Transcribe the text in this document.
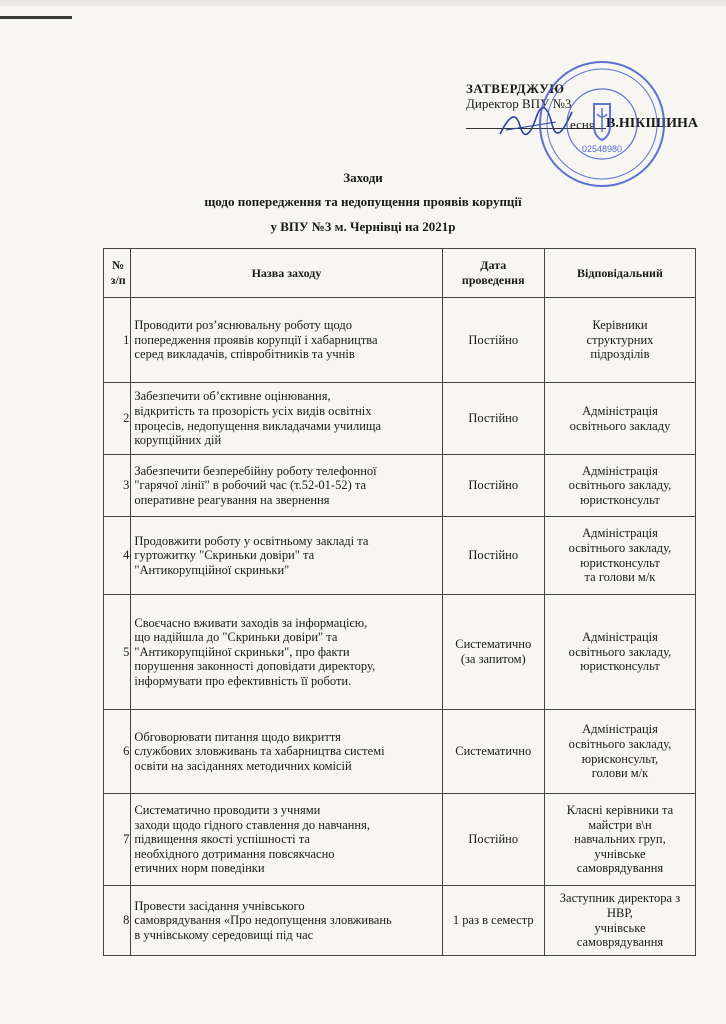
ЗАТВЕРДЖУЮ
Директор ВПУ №3
есня В.НІКІШИНА
02548980
Заходи
щодо попередження та недопущення проявів корупції
у ВПУ №3 м. Чернівці на 2021р
№
з/п	Назва заходу	Дата
проведення	Відповідальний
1	Проводити роз’яснювальну роботу щодо
попередження проявів корупції і хабарництва
серед викладачів, співробітників та учнів	Постійно	Керівники
структурних
підрозділів
2	Забезпечити об’єктивне оцінювання,
відкритість та прозорість усіх видів освітніх
процесів, недопущення викладачами училища
корупційних дій	Постійно	Адміністрація
освітнього закладу
3	Забезпечити безперебійну роботу телефонної
"гарячої лінії" в робочий час (т.52-01-52) та
оперативне реагування на звернення	Постійно	Адміністрація
освітнього закладу,
юристконсульт
4	Продовжити роботу у освітньому закладі та
гуртожитку "Скриньки довіри" та
"Антикорупційної скриньки"	Постійно	Адміністрація
освітнього закладу,
юристконсульт
та голови м/к
5	Своєчасно вживати заходів за інформацією,
що надійшла до "Скриньки довіри" та
"Антикорупційної скриньки", про факти
порушення законності доповідати директору,
інформувати про ефективність її роботи.	Систематично
(за запитом)	Адміністрація
освітнього закладу,
юристконсульт
6	Обговорювати питання щодо викриття
службових зловживань та хабарництва системі
освіти на засіданнях методичних комісій	Систематично	Адміністрація
освітнього закладу,
юрисконсульт,
голови м/к
7	Систематично проводити з учнями
заходи щодо гідного ставлення до навчання,
підвищення якості успішності та
необхідного дотримання повсякчасно
етичних норм поведінки	Постійно	Класні керівники та
майстри в\н
навчальних груп,
учнівське
самоврядування
8	Провести засідання учнівського
самоврядування «Про недопущення зловживань
в учнівському середовищі під час	1 раз в семестр	Заступник директора з
НВР,
учнівське
самоврядування
